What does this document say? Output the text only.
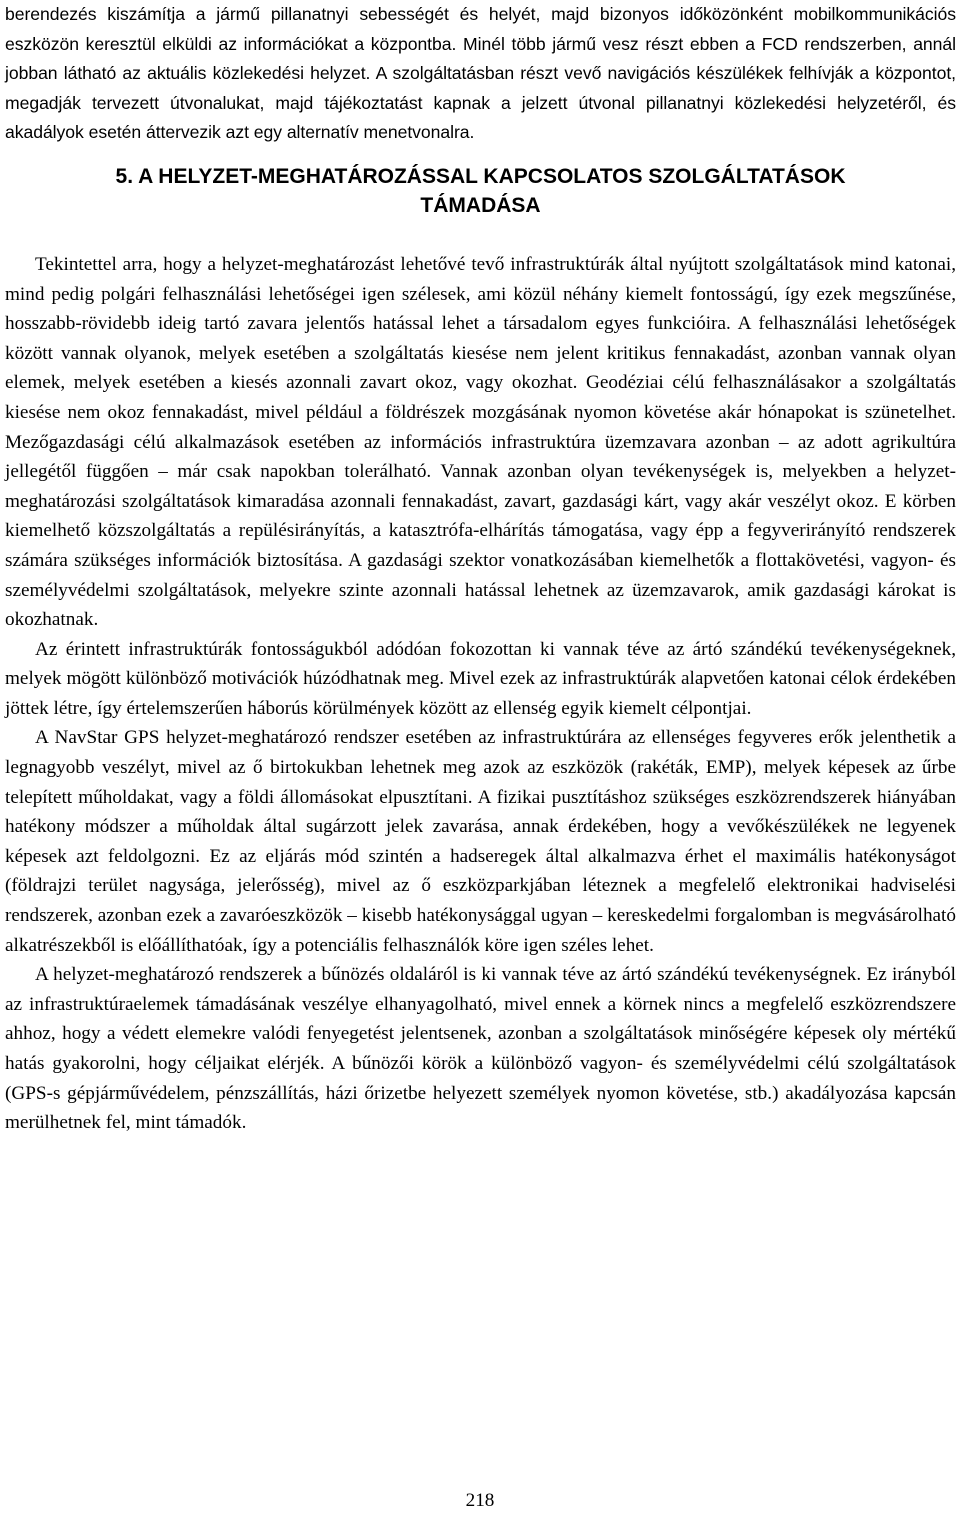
berendezés kiszámítja a jármű pillanatnyi sebességét és helyét, majd bizonyos időközönként mobilkommunikációs eszközön keresztül elküldi az információkat a központba. Minél több jármű vesz részt ebben a FCD rendszerben, annál jobban látható az aktuális közlekedési helyzet. A szolgáltatásban részt vevő navigációs készülékek felhívják a központot, megadják tervezett útvonalukat, majd tájékoztatást kapnak a jelzett útvonal pillanatnyi közlekedési helyzetéről, és akadályok esetén áttervezik azt egy alternatív menetvonalra.

5. A HELYZET-MEGHATÁROZÁSSAL KAPCSOLATOS SZOLGÁLTATÁSOK
TÁMADÁSA

Tekintettel arra, hogy a helyzet-meghatározást lehetővé tevő infrastruktúrák által nyújtott szolgáltatások mind katonai, mind pedig polgári felhasználási lehetőségei igen szélesek, ami közül néhány kiemelt fontosságú, így ezek megszűnése, hosszabb-rövidebb ideig tartó zavara jelentős hatással lehet a társadalom egyes funkcióira. A felhasználási lehetőségek között vannak olyanok, melyek esetében a szolgáltatás kiesése nem jelent kritikus fennakadást, azonban vannak olyan elemek, melyek esetében a kiesés azonnali zavart okoz, vagy okozhat. Geodéziai célú felhasználásakor a szolgáltatás kiesése nem okoz fennakadást, mivel például a földrészek mozgásának nyomon követése akár hónapokat is szünetelhet. Mezőgazdasági célú alkalmazások esetében az információs infrastruktúra üzemzavara azonban – az adott agrikultúra jellegétől függően – már csak napokban tolerálható. Vannak azonban olyan tevékenységek is, melyekben a helyzet-meghatározási szolgáltatások kimaradása azonnali fennakadást, zavart, gazdasági kárt, vagy akár veszélyt okoz. E körben kiemelhető közszolgáltatás a repülésirányítás, a katasztrófa-elhárítás támogatása, vagy épp a fegyverirányító rendszerek számára szükséges információk biztosítása. A gazdasági szektor vonatkozásában kiemelhetők a flottakövetési, vagyon- és személyvédelmi szolgáltatások, melyekre szinte azonnali hatással lehetnek az üzemzavarok, amik gazdasági károkat is okozhatnak.

Az érintett infrastruktúrák fontosságukból adódóan fokozottan ki vannak téve az ártó szándékú tevékenységeknek, melyek mögött különböző motivációk húzódhatnak meg. Mivel ezek az infrastruktúrák alapvetően katonai célok érdekében jöttek létre, így értelemszerűen háborús körülmények között az ellenség egyik kiemelt célpontjai.

A NavStar GPS helyzet-meghatározó rendszer esetében az infrastruktúrára az ellenséges fegyveres erők jelenthetik a legnagyobb veszélyt, mivel az ő birtokukban lehetnek meg azok az eszközök (rakéták, EMP), melyek képesek az űrbe telepített műholdakat, vagy a földi állomásokat elpusztítani. A fizikai pusztításhoz szükséges eszközrendszerek hiányában hatékony módszer a műholdak által sugárzott jelek zavarása, annak érdekében, hogy a vevőkészülékek ne legyenek képesek azt feldolgozni. Ez az eljárás mód szintén a hadseregek által alkalmazva érhet el maximális hatékonyságot (földrajzi terület nagysága, jelerősség), mivel az ő eszközparkjában léteznek a megfelelő elektronikai hadviselési rendszerek, azonban ezek a zavaróeszközök – kisebb hatékonysággal ugyan – kereskedelmi forgalomban is megvásárolható alkatrészekből is előállíthatóak, így a potenciális felhasználók köre igen széles lehet.

A helyzet-meghatározó rendszerek a bűnözés oldaláról is ki vannak téve az ártó szándékú tevékenységnek. Ez irányból az infrastruktúraelemek támadásának veszélye elhanyagolható, mivel ennek a körnek nincs a megfelelő eszközrendszere ahhoz, hogy a védett elemekre valódi fenyegetést jelentsenek, azonban a szolgáltatások minőségére képesek oly mértékű hatás gyakorolni, hogy céljaikat elérjék. A bűnözői körök a különböző vagyon- és személyvédelmi célú szolgáltatások (GPS-s gépjárművédelem, pénzszállítás, házi őrizetbe helyezett személyek nyomon követése, stb.) akadályozása kapcsán merülhetnek fel, mint támadók.

218
